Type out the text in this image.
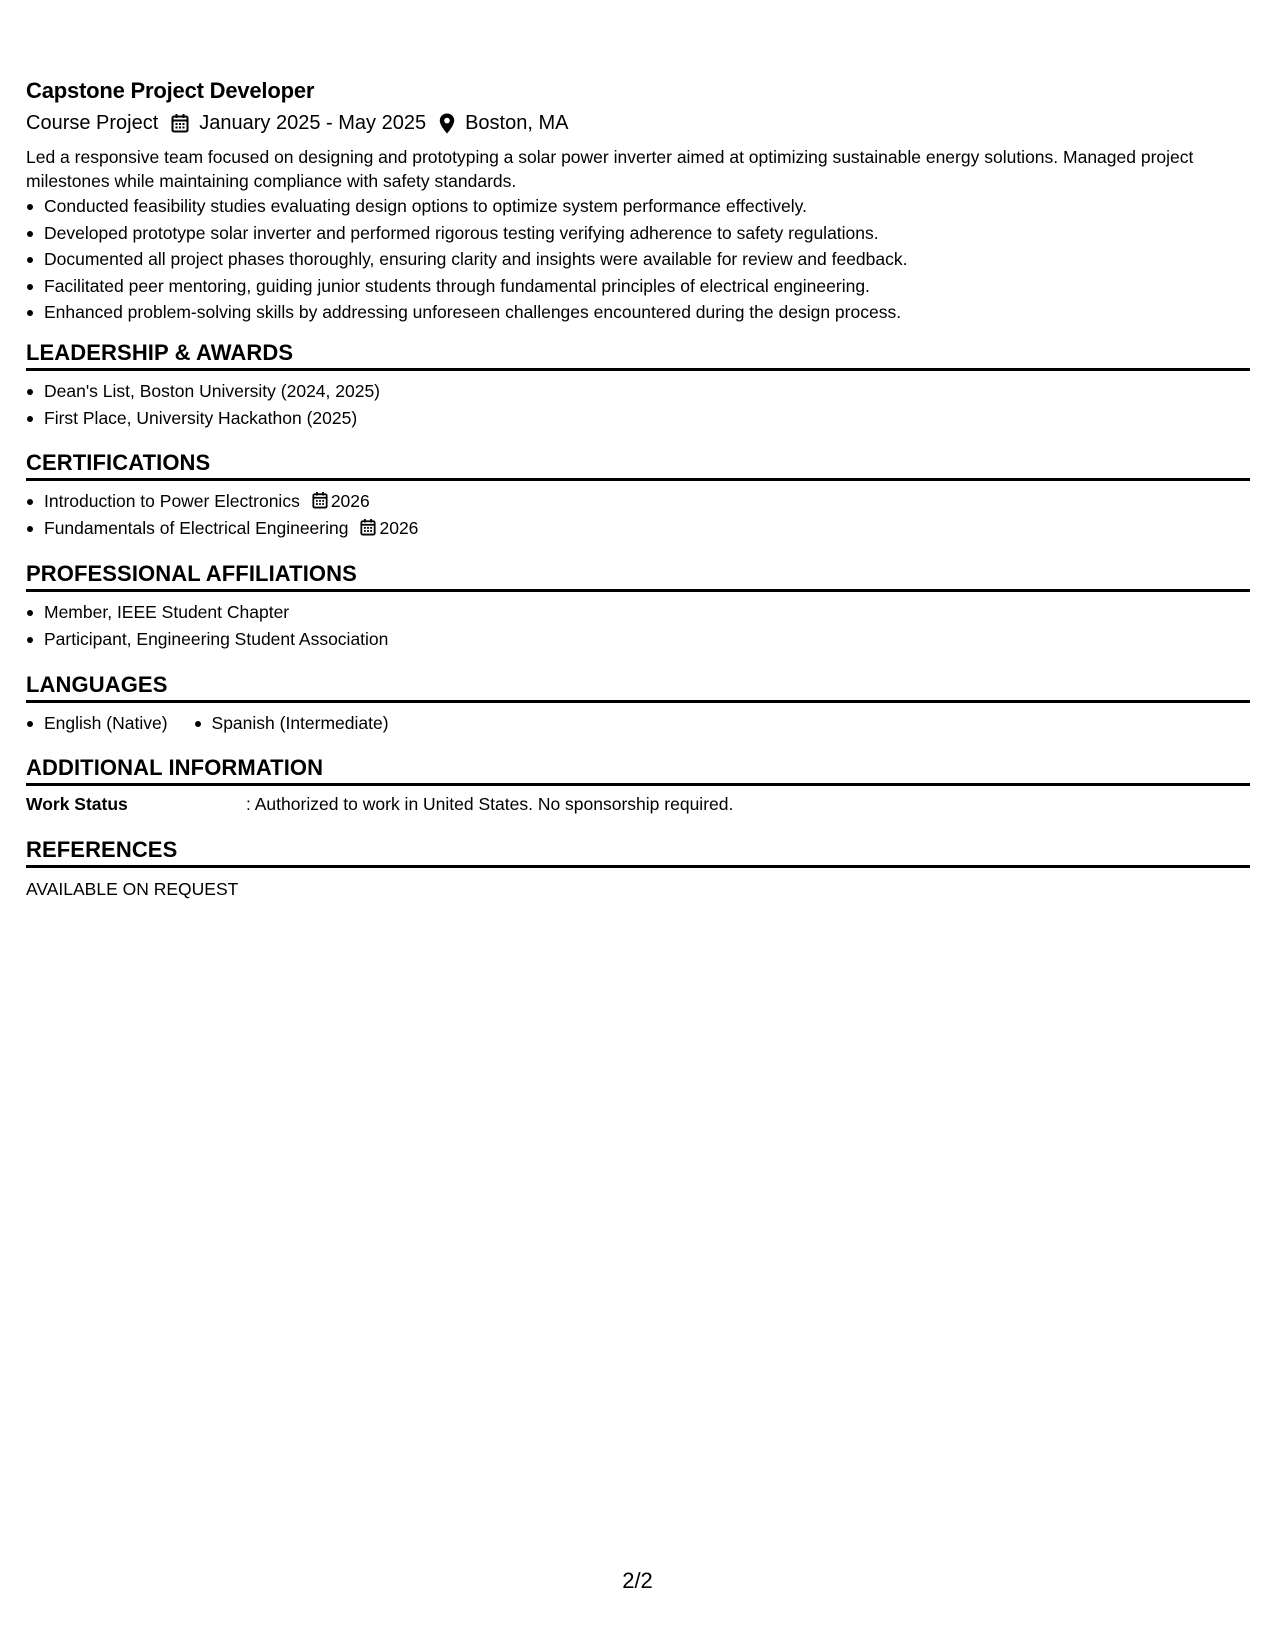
Capstone Project Developer
Course Project January 2025 - May 2025 Boston, MA

Led a responsive team focused on designing and prototyping a solar power inverter aimed at optimizing sustainable energy solutions. Managed project milestones while maintaining compliance with safety standards.

Conducted feasibility studies evaluating design options to optimize system performance effectively.
Developed prototype solar inverter and performed rigorous testing verifying adherence to safety regulations.
Documented all project phases thoroughly, ensuring clarity and insights were available for review and feedback.
Facilitated peer mentoring, guiding junior students through fundamental principles of electrical engineering.
Enhanced problem-solving skills by addressing unforeseen challenges encountered during the design process.
LEADERSHIP & AWARDS
Dean's List, Boston University (2024, 2025)
First Place, University Hackathon (2025)
CERTIFICATIONS
Introduction to Power Electronics 2026
Fundamentals of Electrical Engineering 2026
PROFESSIONAL AFFILIATIONS
Member, IEEE Student Chapter
Participant, Engineering Student Association
LANGUAGES
English (Native)	Spanish (Intermediate)
ADDITIONAL INFORMATION
Work Status	: Authorized to work in United States. No sponsorship required.
REFERENCES
AVAILABLE ON REQUEST
2/2
